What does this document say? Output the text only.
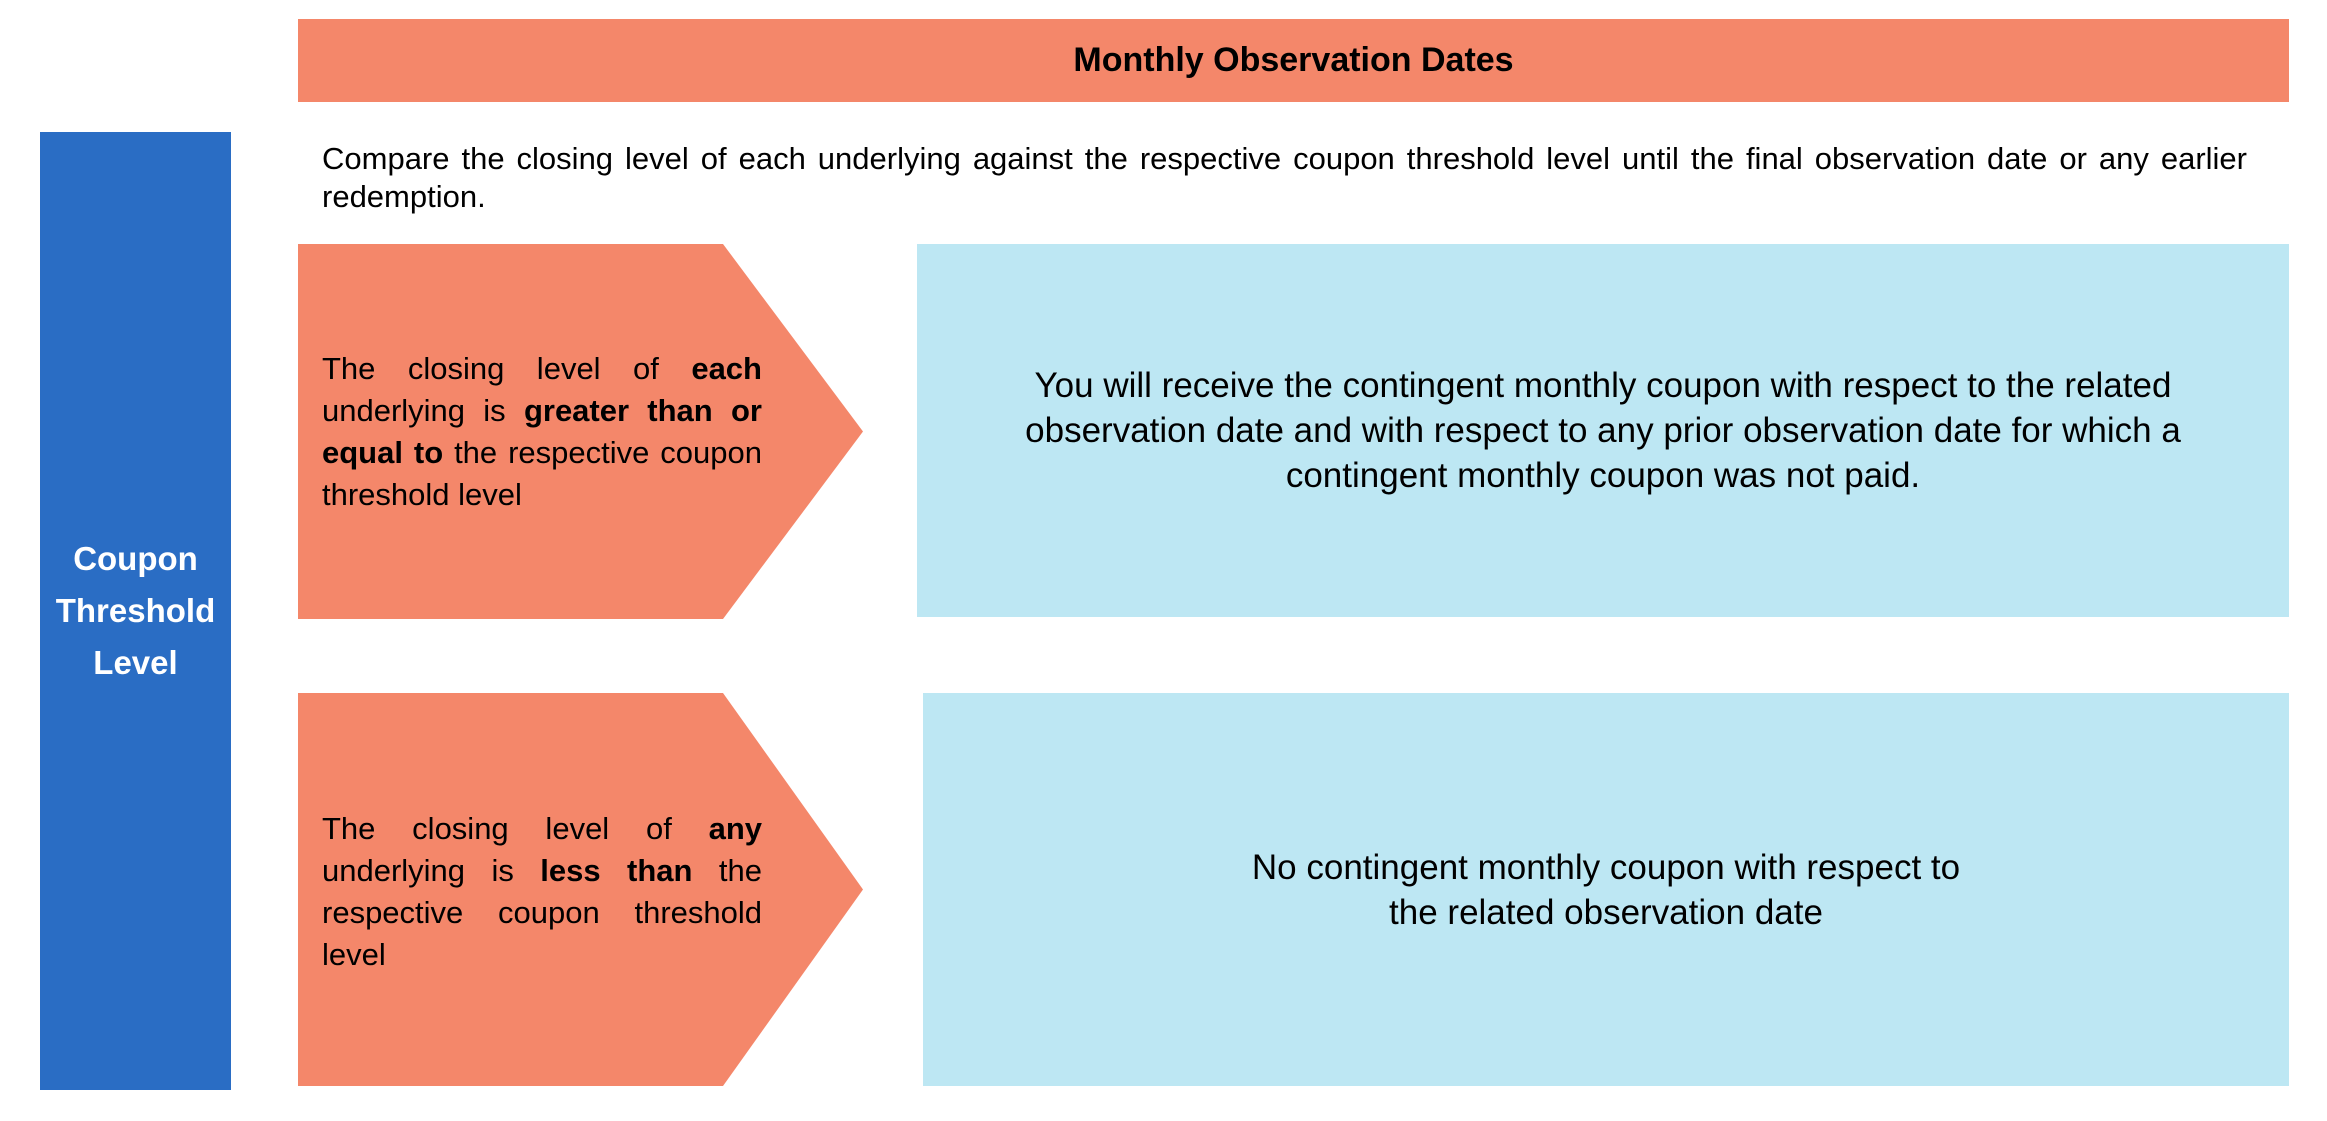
Monthly Observation Dates
Coupon
Threshold
Level
Compare the closing level of each underlying against the respective coupon threshold level until the final observation date or any earlier redemption.
The closing level of each underlying is greater than or equal to the respective coupon threshold level
You will receive the contingent monthly coupon with respect to the related observation date and with respect to any prior observation date for which a contingent monthly coupon was not paid.
The closing level of any underlying is less than the respective coupon threshold level
No contingent monthly coupon with respect to
the related observation date
